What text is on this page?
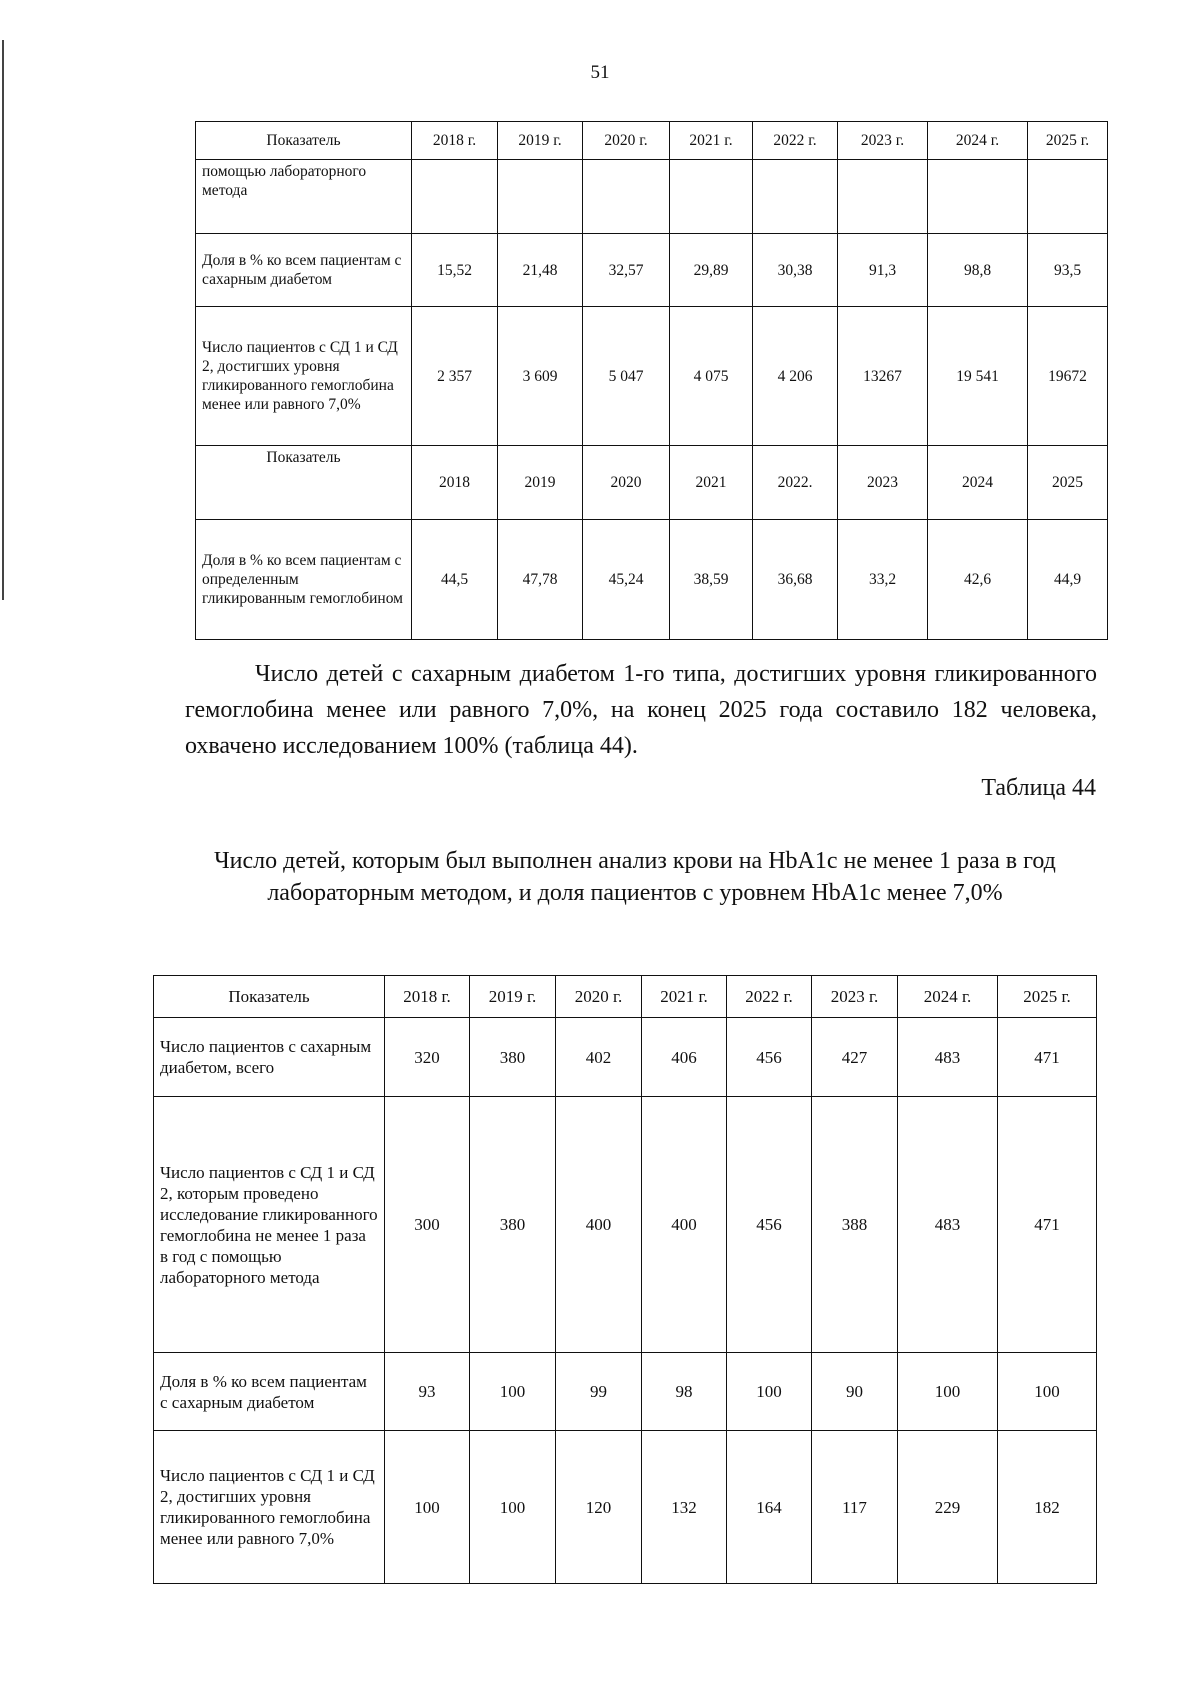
51
Показатель	2018 г.	2019 г.	2020 г.	2021 г.	2022 г.	2023 г.	2024 г.	2025 г.
помощью лабораторного метода								
Доля в % ко всем пациентам с сахарным диабетом	15,52	21,48	32,57	29,89	30,38	91,3	98,8	93,5
Число пациентов с СД 1 и СД 2, достигших уровня гликированного гемоглобина менее или равного 7,0%	2 357	3 609	5 047	4 075	4 206	13267	19 541	19672
Показатель	2018	2019	2020	2021	2022.	2023	2024	2025
Доля в % ко всем пациентам с определенным гликированным гемоглобином	44,5	47,78	45,24	38,59	36,68	33,2	42,6	44,9

Число детей с сахарным диабетом 1-го типа, достигших уровня гликированного гемоглобина менее или равного 7,0%, на конец 2025 года составило 182 человека, охвачено исследованием 100% (таблица 44).

Таблица 44

Число детей, которым был выполнен анализ крови на HbA1c не менее 1 раза в год лабораторным методом, и доля пациентов с уровнем HbA1c менее 7,0%

Показатель	2018 г.	2019 г.	2020 г.	2021 г.	2022 г.	2023 г.	2024 г.	2025 г.
Число пациентов с сахарным диабетом, всего	320	380	402	406	456	427	483	471
Число пациентов с СД 1 и СД 2, которым проведено исследование гликированного гемоглобина не менее 1 раза в год с помощью лабораторного метода	300	380	400	400	456	388	483	471
Доля в % ко всем пациентам с сахарным диабетом	93	100	99	98	100	90	100	100
Число пациентов с СД 1 и СД 2, достигших уровня гликированного гемоглобина менее или равного 7,0%	100	100	120	132	164	117	229	182
